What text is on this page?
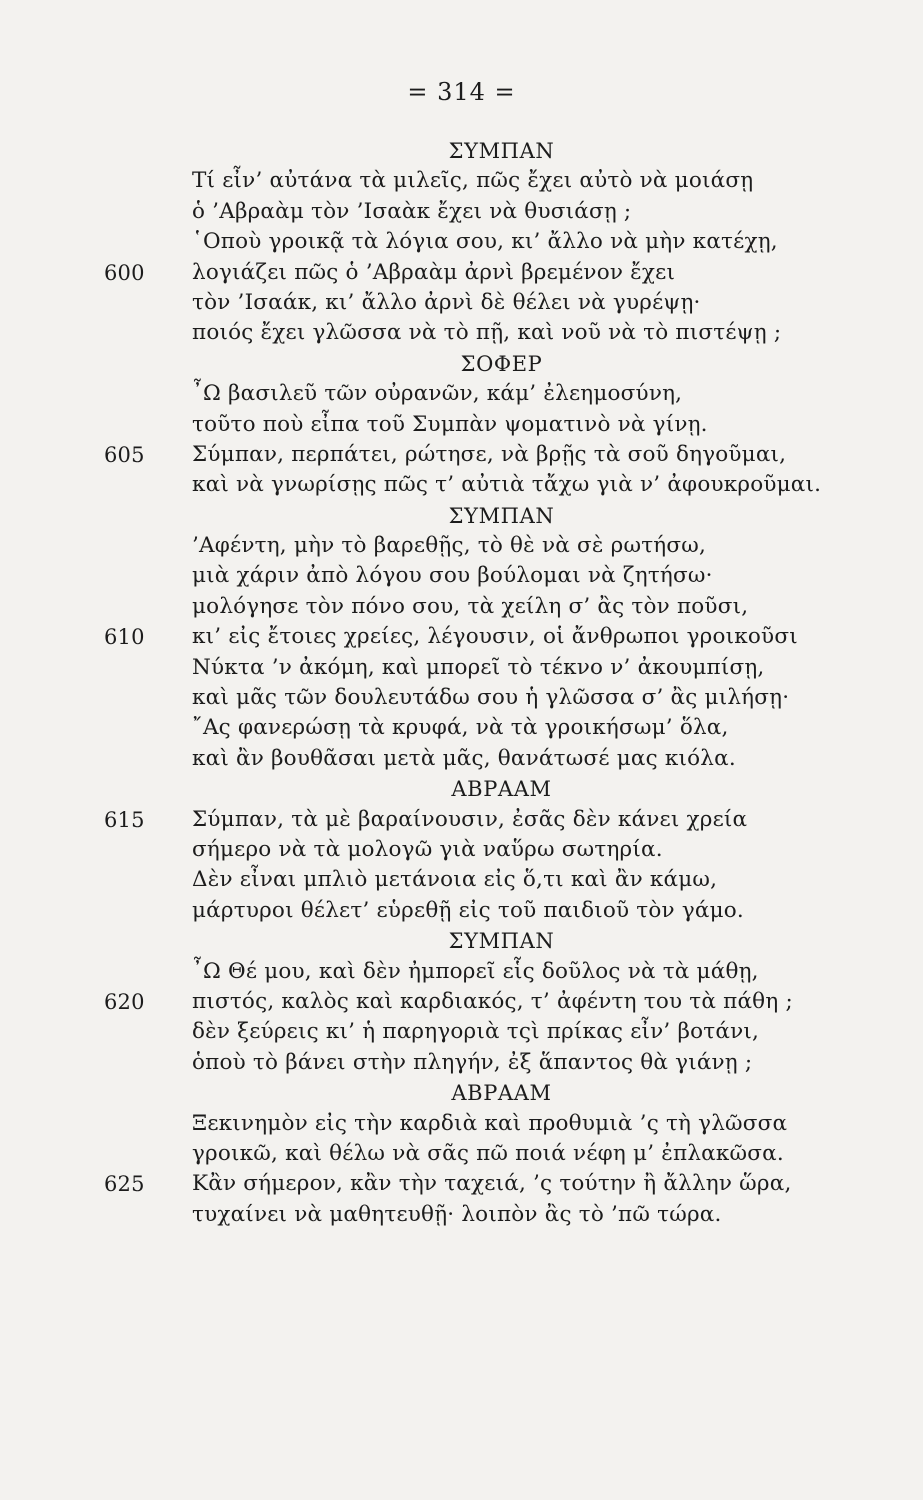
= 314 =
ΣΥΜΠΑΝ
Τί εἶν’ αὐτάνα τὰ μιλεῖς, πῶς ἔχει αὐτὸ νὰ μοιάσῃ
ὁ ’Αβραὰμ τὸν ’Ισαὰκ ἔχει νὰ θυσιάσῃ ;
῾Οποὺ γροικᾷ τὰ λόγια σου, κι’ ἄλλο νὰ μὴν κατέχῃ,
600 λογιάζει πῶς ὁ ’Αβραὰμ ἀρνὶ βρεμένον ἔχει
τὸν ’Ισαάκ, κι’ ἄλλο ἀρνὶ δὲ θέλει νὰ γυρέψῃ·
ποιός ἔχει γλῶσσα νὰ τὸ πῇ, καὶ νοῦ νὰ τὸ πιστέψῃ ;
ΣΟΦΕΡ
῏Ω βασιλεῦ τῶν οὐρανῶν, κάμ’ ἐλεημοσύνη,
τοῦτο ποὺ εἶπα τοῦ Συμπὰν ψοματινὸ νὰ γίνῃ.
605 Σύμπαν, περπάτει, ρώτησε, νὰ βρῇς τὰ σοῦ δηγοῦμαι,
καὶ νὰ γνωρίσῃς πῶς τ’ αὐτιὰ τἄχω γιὰ ν’ ἀφουκροῦμαι.
ΣΥΜΠΑΝ
’Αφέντη, μὴν τὸ βαρεθῇς, τὸ θὲ νὰ σὲ ρωτήσω,
μιὰ χάριν ἀπὸ λόγου σου βούλομαι νὰ ζητήσω·
μολόγησε τὸν πόνο σου, τὰ χείλη σ’ ἂς τὸν ποῦσι,
610 κι’ εἰς ἔτοιες χρείες, λέγουσιν, οἱ ἄνθρωποι γροικοῦσι
Νύκτα ’ν ἀκόμη, καὶ μπορεῖ τὸ τέκνο ν’ ἀκουμπίσῃ,
καὶ μᾶς τῶν δουλευτάδω σου ἡ γλῶσσα σ’ ἂς μιλήσῃ·
῎Ας φανερώσῃ τὰ κρυφά, νὰ τὰ γροικήσωμ’ ὅλα,
καὶ ἂν βουθᾶσαι μετὰ μᾶς, θανάτωσέ μας κιόλα.
ΑΒΡΑΑΜ
615 Σύμπαν, τὰ μὲ βαραίνουσιν, ἐσᾶς δὲν κάνει χρεία
σήμερο νὰ τὰ μολογῶ γιὰ ναὕρω σωτηρία.
Δὲν εἶναι μπλιὸ μετάνοια εἰς ὅ,τι καὶ ἂν κάμω,
μάρτυροι θέλετ’ εὑρεθῇ εἰς τοῦ παιδιοῦ τὸν γάμο.
ΣΥΜΠΑΝ
῏Ω Θέ μου, καὶ δὲν ἠμπορεῖ εἷς δοῦλος νὰ τὰ μάθῃ,
620 πιστός, καλὸς καὶ καρδιακός, τ’ ἀφέντη του τὰ πάθη ;
δὲν ξεύρεις κι’ ἡ παρηγοριὰ τςὶ πρίκας εἶν’ βοτάνι,
ὁποὺ τὸ βάνει στὴν πληγήν, ἐξ ἅπαντος θὰ γιάνῃ ;
ΑΒΡΑΑΜ
Ξεκινημὸν εἰς τὴν καρδιὰ καὶ προθυμιὰ ’ς τὴ γλῶσσα
γροικῶ, καὶ θέλω νὰ σᾶς πῶ ποιά νέφη μ’ ἐπλακῶσα.
625 Κἂν σήμερον, κἂν τὴν ταχειά, ’ς τούτην ἢ ἄλλην ὥρα,
τυχαίνει νὰ μαθητευθῇ· λοιπὸν ἂς τὸ ’πῶ τώρα.
